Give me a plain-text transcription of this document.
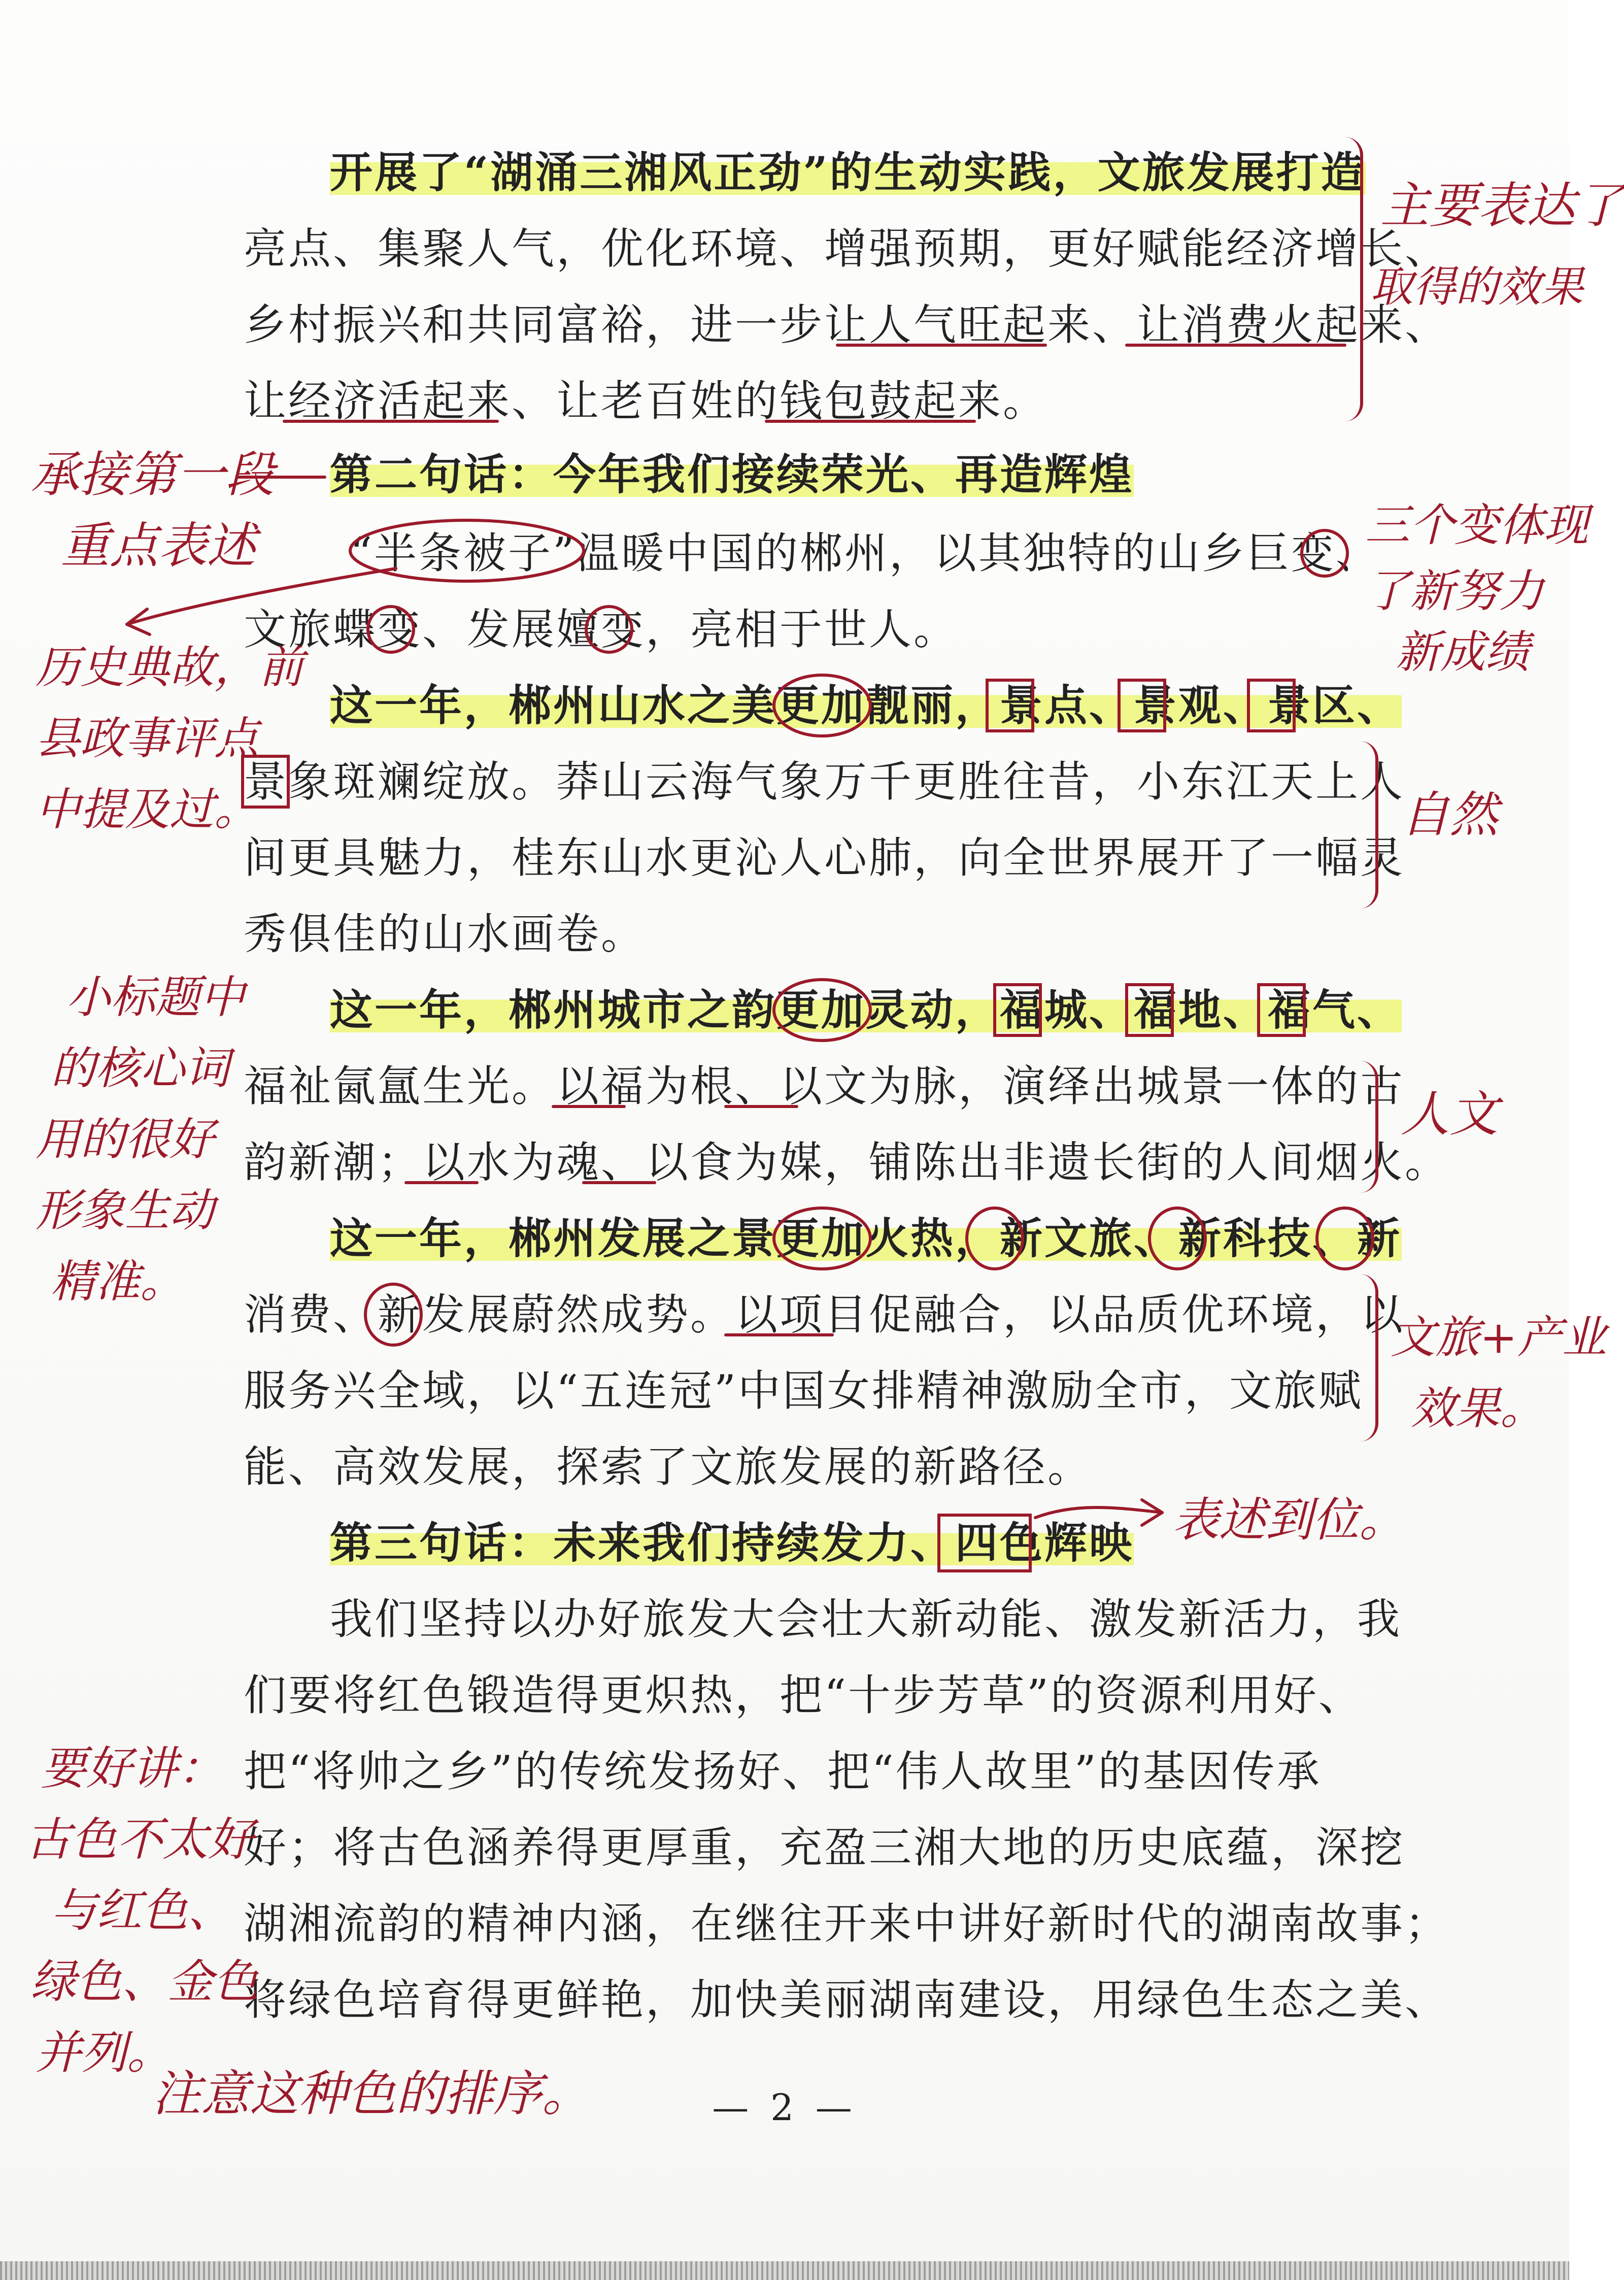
开展了“湖涌三湘风正劲”的生动实践，文旅发展打造
亮点、集聚人气，优化环境、增强预期，更好赋能经济增长、
乡村振兴和共同富裕，进一步让人气旺起来、让消费火起来、
让经济活起来、让老百姓的钱包鼓起来。
第二句话：今年我们接续荣光、再造辉煌
“半条被子”温暖中国的郴州，以其独特的山乡巨变、
文旅蝶变、发展嬗变，亮相于世人。
这一年，郴州山水之美更加靓丽，景点、景观、景区、
景象斑斓绽放。莽山云海气象万千更胜往昔，小东江天上人
间更具魅力，桂东山水更沁人心肺，向全世界展开了一幅灵
秀俱佳的山水画卷。
这一年，郴州城市之韵更加灵动，福城、福地、福气、
福祉氤氲生光。以福为根、以文为脉，演绎出城景一体的古
韵新潮；以水为魂、以食为媒，铺陈出非遗长街的人间烟火。
这一年，郴州发展之景更加火热，新文旅、新科技、新
消费、新发展蔚然成势。以项目促融合，以品质优环境，以
服务兴全域，以“五连冠”中国女排精神激励全市，文旅赋
能、高效发展，探索了文旅发展的新路径。
第三句话：未来我们持续发力、四色辉映
我们坚持以办好旅发大会壮大新动能、激发新活力，我
们要将红色锻造得更炽热，把“十步芳草”的资源利用好、
把“将帅之乡”的传统发扬好、把“伟人故里”的基因传承
好；将古色涵养得更厚重，充盈三湘大地的历史底蕴，深挖
湖湘流韵的精神内涵，在继往开来中讲好新时代的湖南故事；
将绿色培育得更鲜艳，加快美丽湖南建设，用绿色生态之美、
— 2 —
主要表达了
取得的效果
承接第一段
重点表述	三个变体现
了新努力
新成绩
历史典故，前
县政事评点
中提及过。	自然
小标题中
的核心词
用的很好
形象生动
精准。
人文
文旅+产业
效果。
表述到位。
要好讲：
古色不太好
与红色、
绿色、金色
并列。
注意这种色的排序。
